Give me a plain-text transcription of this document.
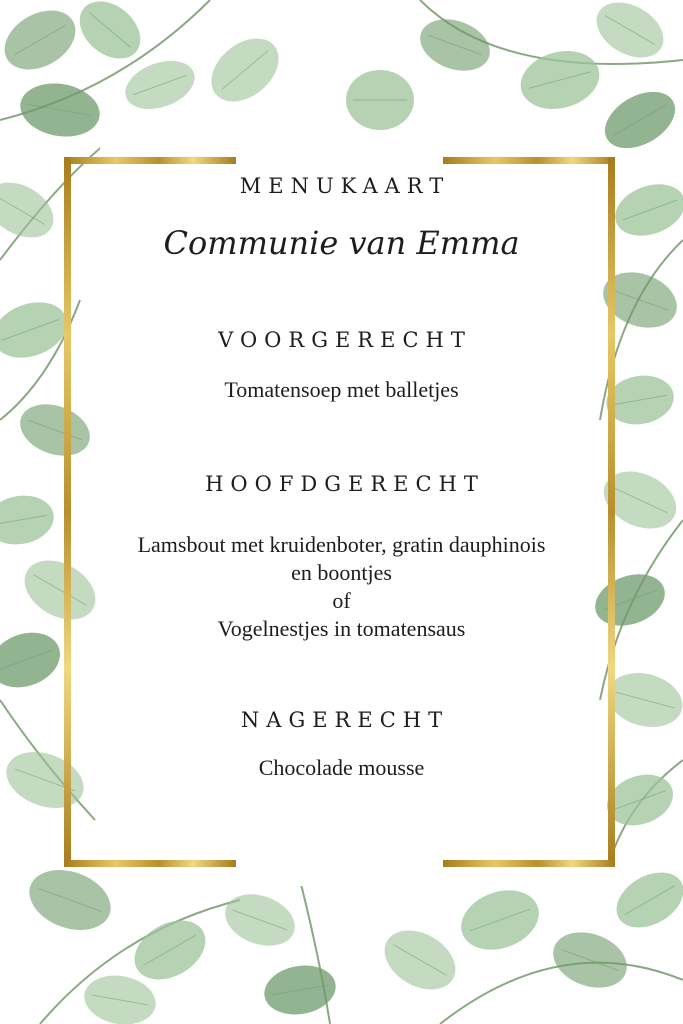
MENUKAART
Communie van Emma
VOORGERECHT
Tomatensoep met balletjes
HOOFDGERECHT
Lamsbout met kruidenboter, gratin dauphinois
en boontjes
of
Vogelnestjes in tomatensaus
NAGERECHT
Chocolade mousse
